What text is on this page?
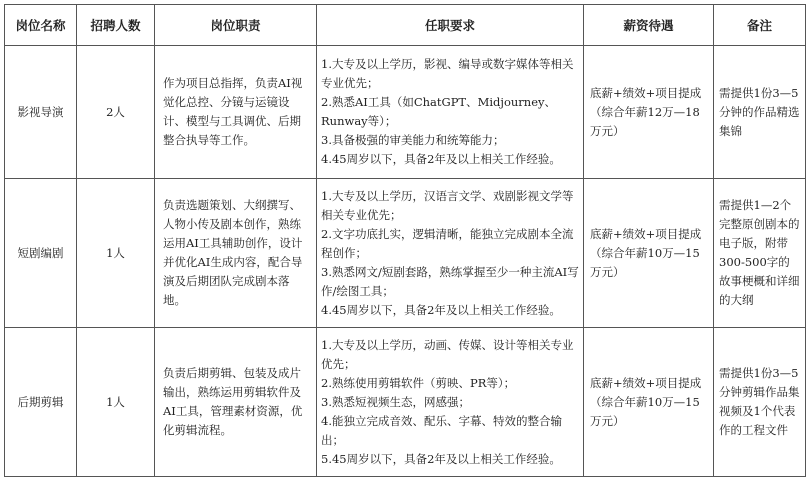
岗位名称	招聘人数	岗位职责	任职要求	薪资待遇	备注
影视导演	2人	作为项目总指挥，负责AI视觉化总控、分镜与运镜设计、模型与工具调优、后期整合执导等工作。	1.大专及以上学历，影视、编导或数字媒体等相关专业优先；
2.熟悉AI工具（如ChatGPT、Midjourney、Runway等）；
3.具备极强的审美能力和统筹能力；
4.45周岁以下，具备2年及以上相关工作经验。	底薪+绩效+项目提成（综合年薪12万—18万元）	需提供1份3—5分钟的作品精选集锦
短剧编剧	1人	负责选题策划、大纲撰写、人物小传及剧本创作，熟练运用AI工具辅助创作，设计并优化AI生成内容，配合导演及后期团队完成剧本落地。	1.大专及以上学历，汉语言文学、戏剧影视文学等相关专业优先；
2.文字功底扎实，逻辑清晰，能独立完成剧本全流程创作；
3.熟悉网文/短剧套路，熟练掌握至少一种主流AI写作/绘图工具；
4.45周岁以下，具备2年及以上相关工作经验。	底薪+绩效+项目提成（综合年薪10万—15万元）	需提供1—2个完整原创剧本的电子版，附带300-500字的故事梗概和详细的大纲
后期剪辑	1人	负责后期剪辑、包装及成片输出，熟练运用剪辑软件及AI工具，管理素材资源，优化剪辑流程。	1.大专及以上学历，动画、传媒、设计等相关专业优先；
2.熟练使用剪辑软件（剪映、PR等）；
3.熟悉短视频生态，网感强；
4.能独立完成音效、配乐、字幕、特效的整合输出；
5.45周岁以下，具备2年及以上相关工作经验。	底薪+绩效+项目提成（综合年薪10万—15万元）	需提供1份3—5分钟剪辑作品集视频及1个代表作的工程文件
